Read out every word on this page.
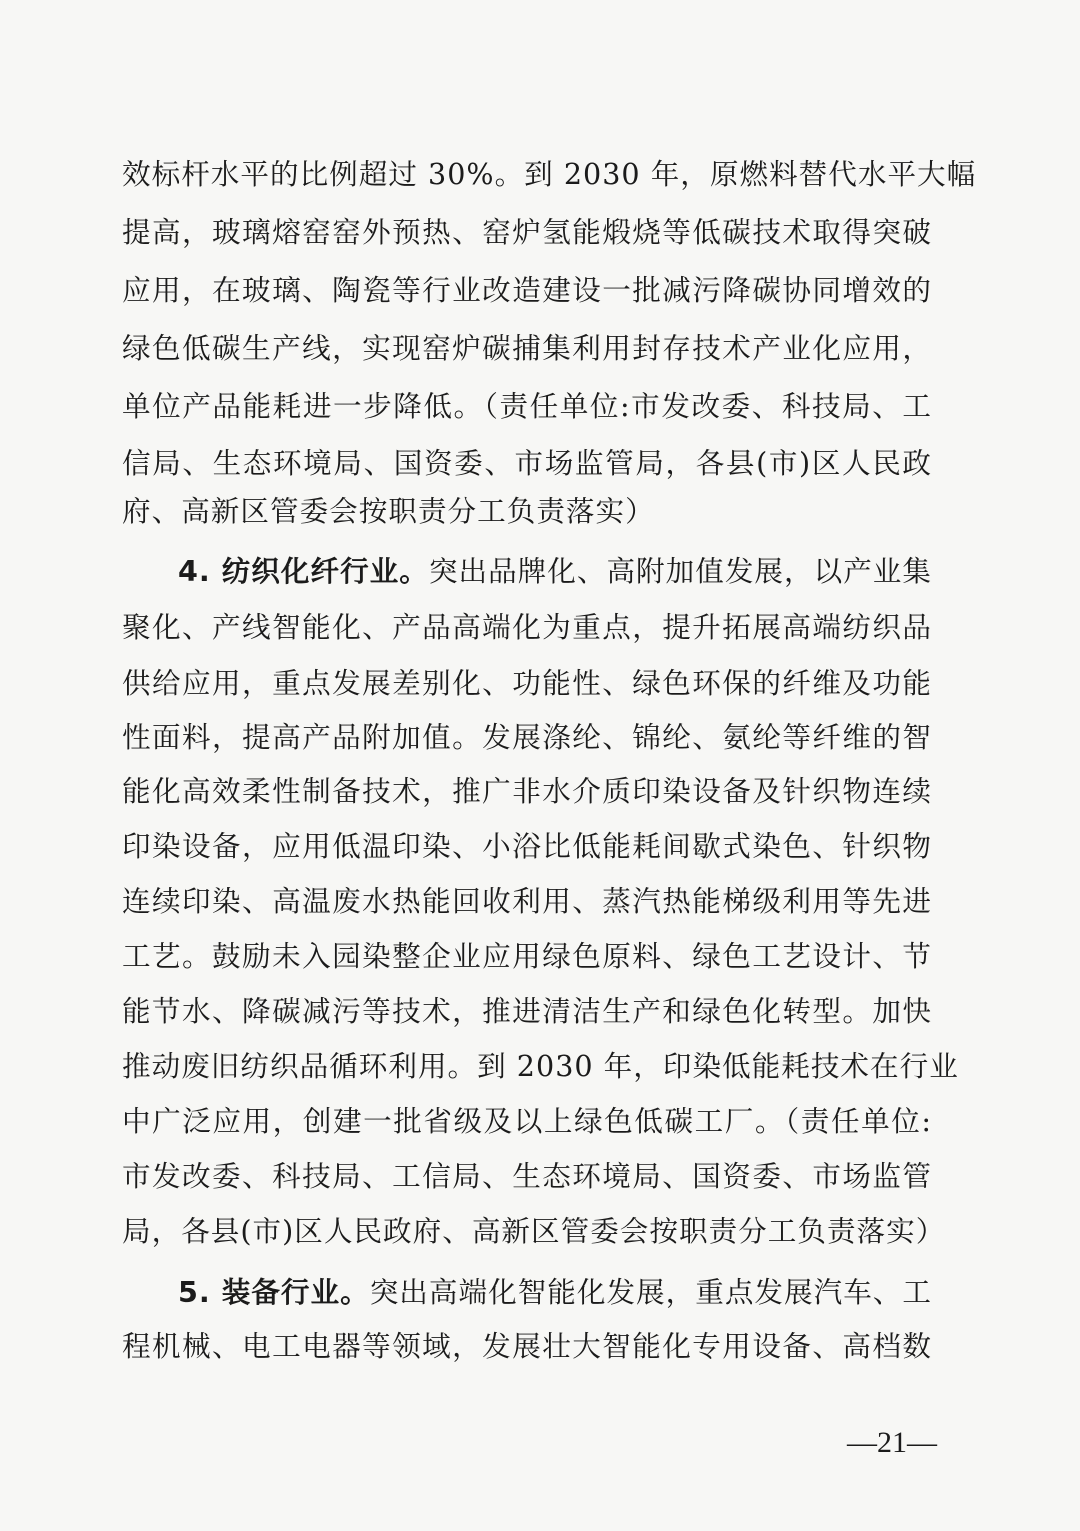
效标杆水平的比例超过 30%。到 2030 年，原燃料替代水平大幅
提高，玻璃熔窑窑外预热、窑炉氢能煅烧等低碳技术取得突破
应用，在玻璃、陶瓷等行业改造建设一批减污降碳协同增效的
绿色低碳生产线，实现窑炉碳捕集利用封存技术产业化应用，
单位产品能耗进一步降低。（责任单位:市发改委、科技局、工
信局、生态环境局、国资委、市场监管局，各县(市)区人民政
府、高新区管委会按职责分工负责落实）
4. 纺织化纤行业。突出品牌化、高附加值发展，以产业集
聚化、产线智能化、产品高端化为重点，提升拓展高端纺织品
供给应用，重点发展差别化、功能性、绿色环保的纤维及功能
性面料，提高产品附加值。发展涤纶、锦纶、氨纶等纤维的智
能化高效柔性制备技术，推广非水介质印染设备及针织物连续
印染设备，应用低温印染、小浴比低能耗间歇式染色、针织物
连续印染、高温废水热能回收利用、蒸汽热能梯级利用等先进
工艺。鼓励未入园染整企业应用绿色原料、绿色工艺设计、节
能节水、降碳减污等技术，推进清洁生产和绿色化转型。加快
推动废旧纺织品循环利用。到 2030 年，印染低能耗技术在行业
中广泛应用，创建一批省级及以上绿色低碳工厂。（责任单位:
市发改委、科技局、工信局、生态环境局、国资委、市场监管
局，各县(市)区人民政府、高新区管委会按职责分工负责落实）
5. 装备行业。突出高端化智能化发展，重点发展汽车、工
程机械、电工电器等领域，发展壮大智能化专用设备、高档数
—21—
